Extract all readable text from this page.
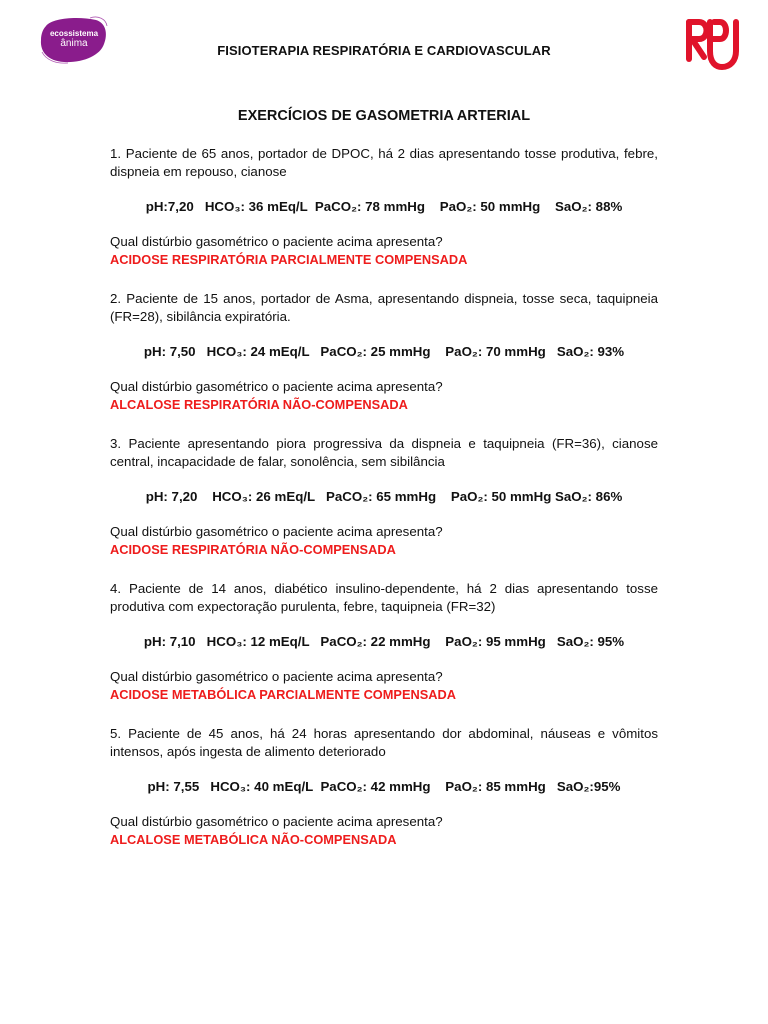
ecossistema
ânima	FISIOTERAPIA RESPIRATÓRIA E CARDIOVASCULAR
EXERCÍCIOS DE GASOMETRIA ARTERIAL

1. Paciente de 65 anos, portador de DPOC, há 2 dias apresentando tosse produtiva, febre, dispneia em repouso, cianose

pH:7,20   HCO₃: 36 mEq/L  PaCO₂: 78 mmHg    PaO₂: 50 mmHg    SaO₂: 88%

Qual distúrbio gasométrico o paciente acima apresenta?

ACIDOSE RESPIRATÓRIA PARCIALMENTE COMPENSADA

2. Paciente de 15 anos, portador de Asma, apresentando dispneia, tosse seca, taquipneia (FR=28), sibilância expiratória.

pH: 7,50   HCO₃: 24 mEq/L   PaCO₂: 25 mmHg    PaO₂: 70 mmHg   SaO₂: 93%

Qual distúrbio gasométrico o paciente acima apresenta?

ALCALOSE RESPIRATÓRIA NÃO-COMPENSADA

3. Paciente apresentando piora progressiva da dispneia e taquipneia (FR=36), cianose central, incapacidade de falar, sonolência, sem sibilância

pH: 7,20    HCO₃: 26 mEq/L   PaCO₂: 65 mmHg    PaO₂: 50 mmHg SaO₂: 86%

Qual distúrbio gasométrico o paciente acima apresenta?

ACIDOSE RESPIRATÓRIA NÃO-COMPENSADA

4. Paciente de 14 anos, diabético insulino-dependente, há 2 dias apresentando tosse produtiva com expectoração purulenta, febre, taquipneia (FR=32)

pH: 7,10   HCO₃: 12 mEq/L   PaCO₂: 22 mmHg    PaO₂: 95 mmHg   SaO₂: 95%

Qual distúrbio gasométrico o paciente acima apresenta?

ACIDOSE METABÓLICA PARCIALMENTE COMPENSADA

5. Paciente de 45 anos, há 24 horas apresentando dor abdominal, náuseas e vômitos intensos, após ingesta de alimento deteriorado

pH: 7,55   HCO₃: 40 mEq/L  PaCO₂: 42 mmHg    PaO₂: 85 mmHg   SaO₂:95%

Qual distúrbio gasométrico o paciente acima apresenta?

ALCALOSE METABÓLICA NÃO-COMPENSADA
